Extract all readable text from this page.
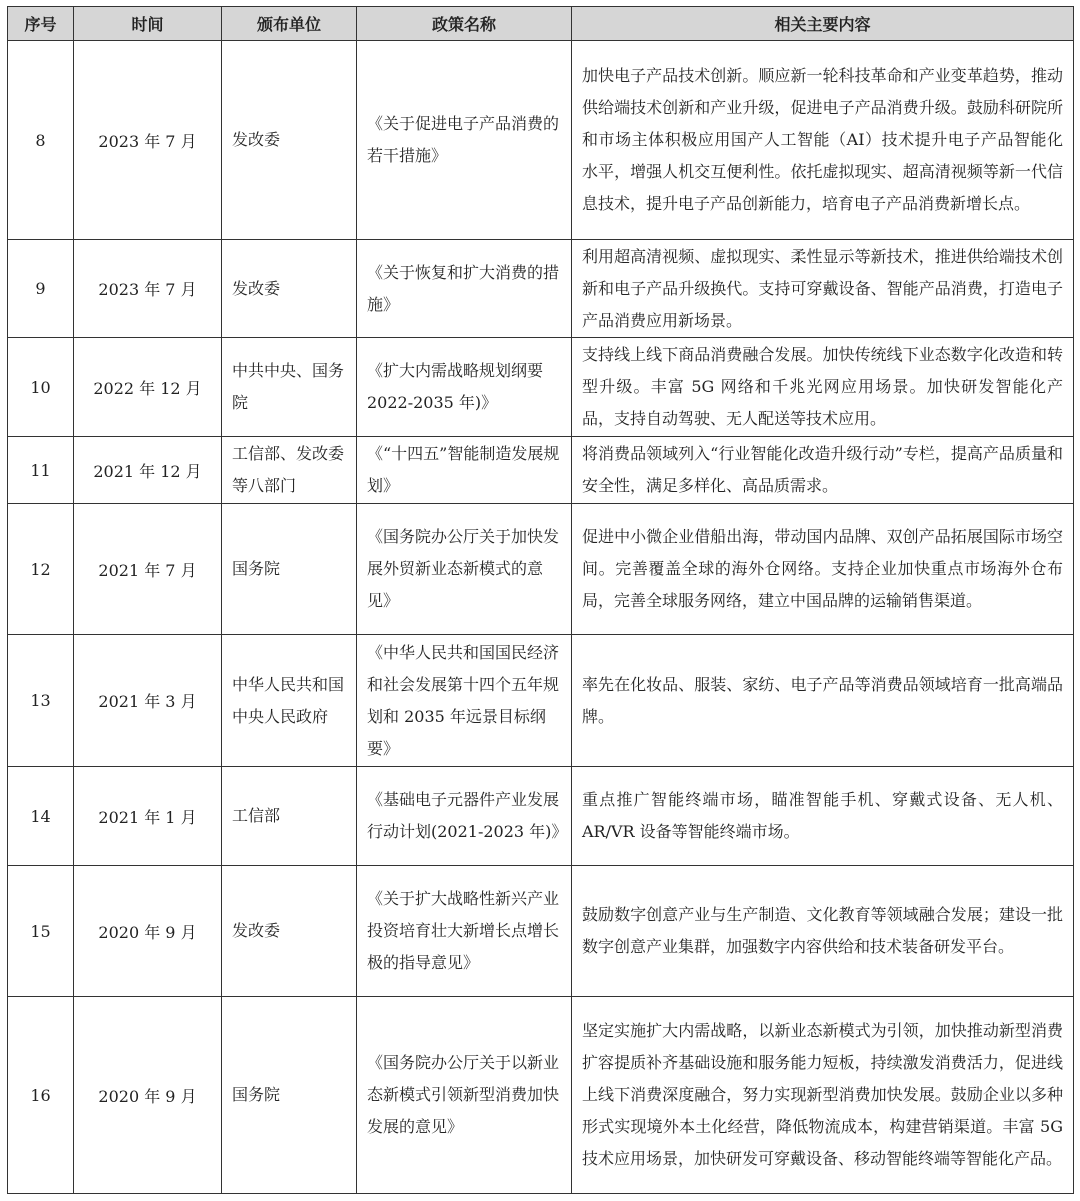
序号	时间	颁布单位	政策名称	相关主要内容
8	2023 年 7 月	发改委	《关于促进电子产品消费的若干措施》	加快电子产品技术创新。顺应新一轮科技革命和产业变革趋势，推动供给端技术创新和产业升级，促进电子产品消费升级。鼓励科研院所和市场主体积极应用国产人工智能（AI）技术提升电子产品智能化水平，增强人机交互便利性。依托虚拟现实、超高清视频等新一代信息技术，提升电子产品创新能力，培育电子产品消费新增长点。
9	2023 年 7 月	发改委	《关于恢复和扩大消费的措施》	利用超高清视频、虚拟现实、柔性显示等新技术，推进供给端技术创新和电子产品升级换代。支持可穿戴设备、智能产品消费，打造电子产品消费应用新场景。
10	2022 年 12 月	中共中央、国务院	《扩大内需战略规划纲要 2022-2035 年)》	支持线上线下商品消费融合发展。加快传统线下业态数字化改造和转型升级。丰富 5G 网络和千兆光网应用场景。加快研发智能化产品，支持自动驾驶、无人配送等技术应用。
11	2021 年 12 月	工信部、发改委等八部门	《“十四五”智能制造发展规划》	将消费品领域列入“行业智能化改造升级行动”专栏，提高产品质量和安全性，满足多样化、高品质需求。
12	2021 年 7 月	国务院	《国务院办公厅关于加快发展外贸新业态新模式的意见》	促进中小微企业借船出海，带动国内品牌、双创产品拓展国际市场空间。完善覆盖全球的海外仓网络。支持企业加快重点市场海外仓布局，完善全球服务网络，建立中国品牌的运输销售渠道。
13	2021 年 3 月	中华人民共和国中央人民政府	《中华人民共和国国民经济和社会发展第十四个五年规划和 2035 年远景目标纲要》	率先在化妆品、服装、家纺、电子产品等消费品领域培育一批高端品牌。
14	2021 年 1 月	工信部	《基础电子元器件产业发展行动计划(2021-2023 年)》	重点推广智能终端市场，瞄准智能手机、穿戴式设备、无人机、AR/VR 设备等智能终端市场。
15	2020 年 9 月	发改委	《关于扩大战略性新兴产业投资培育壮大新增长点增长极的指导意见》	鼓励数字创意产业与生产制造、文化教育等领域融合发展；建设一批数字创意产业集群，加强数字内容供给和技术装备研发平台。
16	2020 年 9 月	国务院	《国务院办公厅关于以新业态新模式引领新型消费加快发展的意见》	坚定实施扩大内需战略，以新业态新模式为引领，加快推动新型消费扩容提质补齐基础设施和服务能力短板，持续激发消费活力，促进线上线下消费深度融合，努力实现新型消费加快发展。鼓励企业以多种形式实现境外本土化经营，降低物流成本，构建营销渠道。丰富 5G 技术应用场景，加快研发可穿戴设备、移动智能终端等智能化产品。
